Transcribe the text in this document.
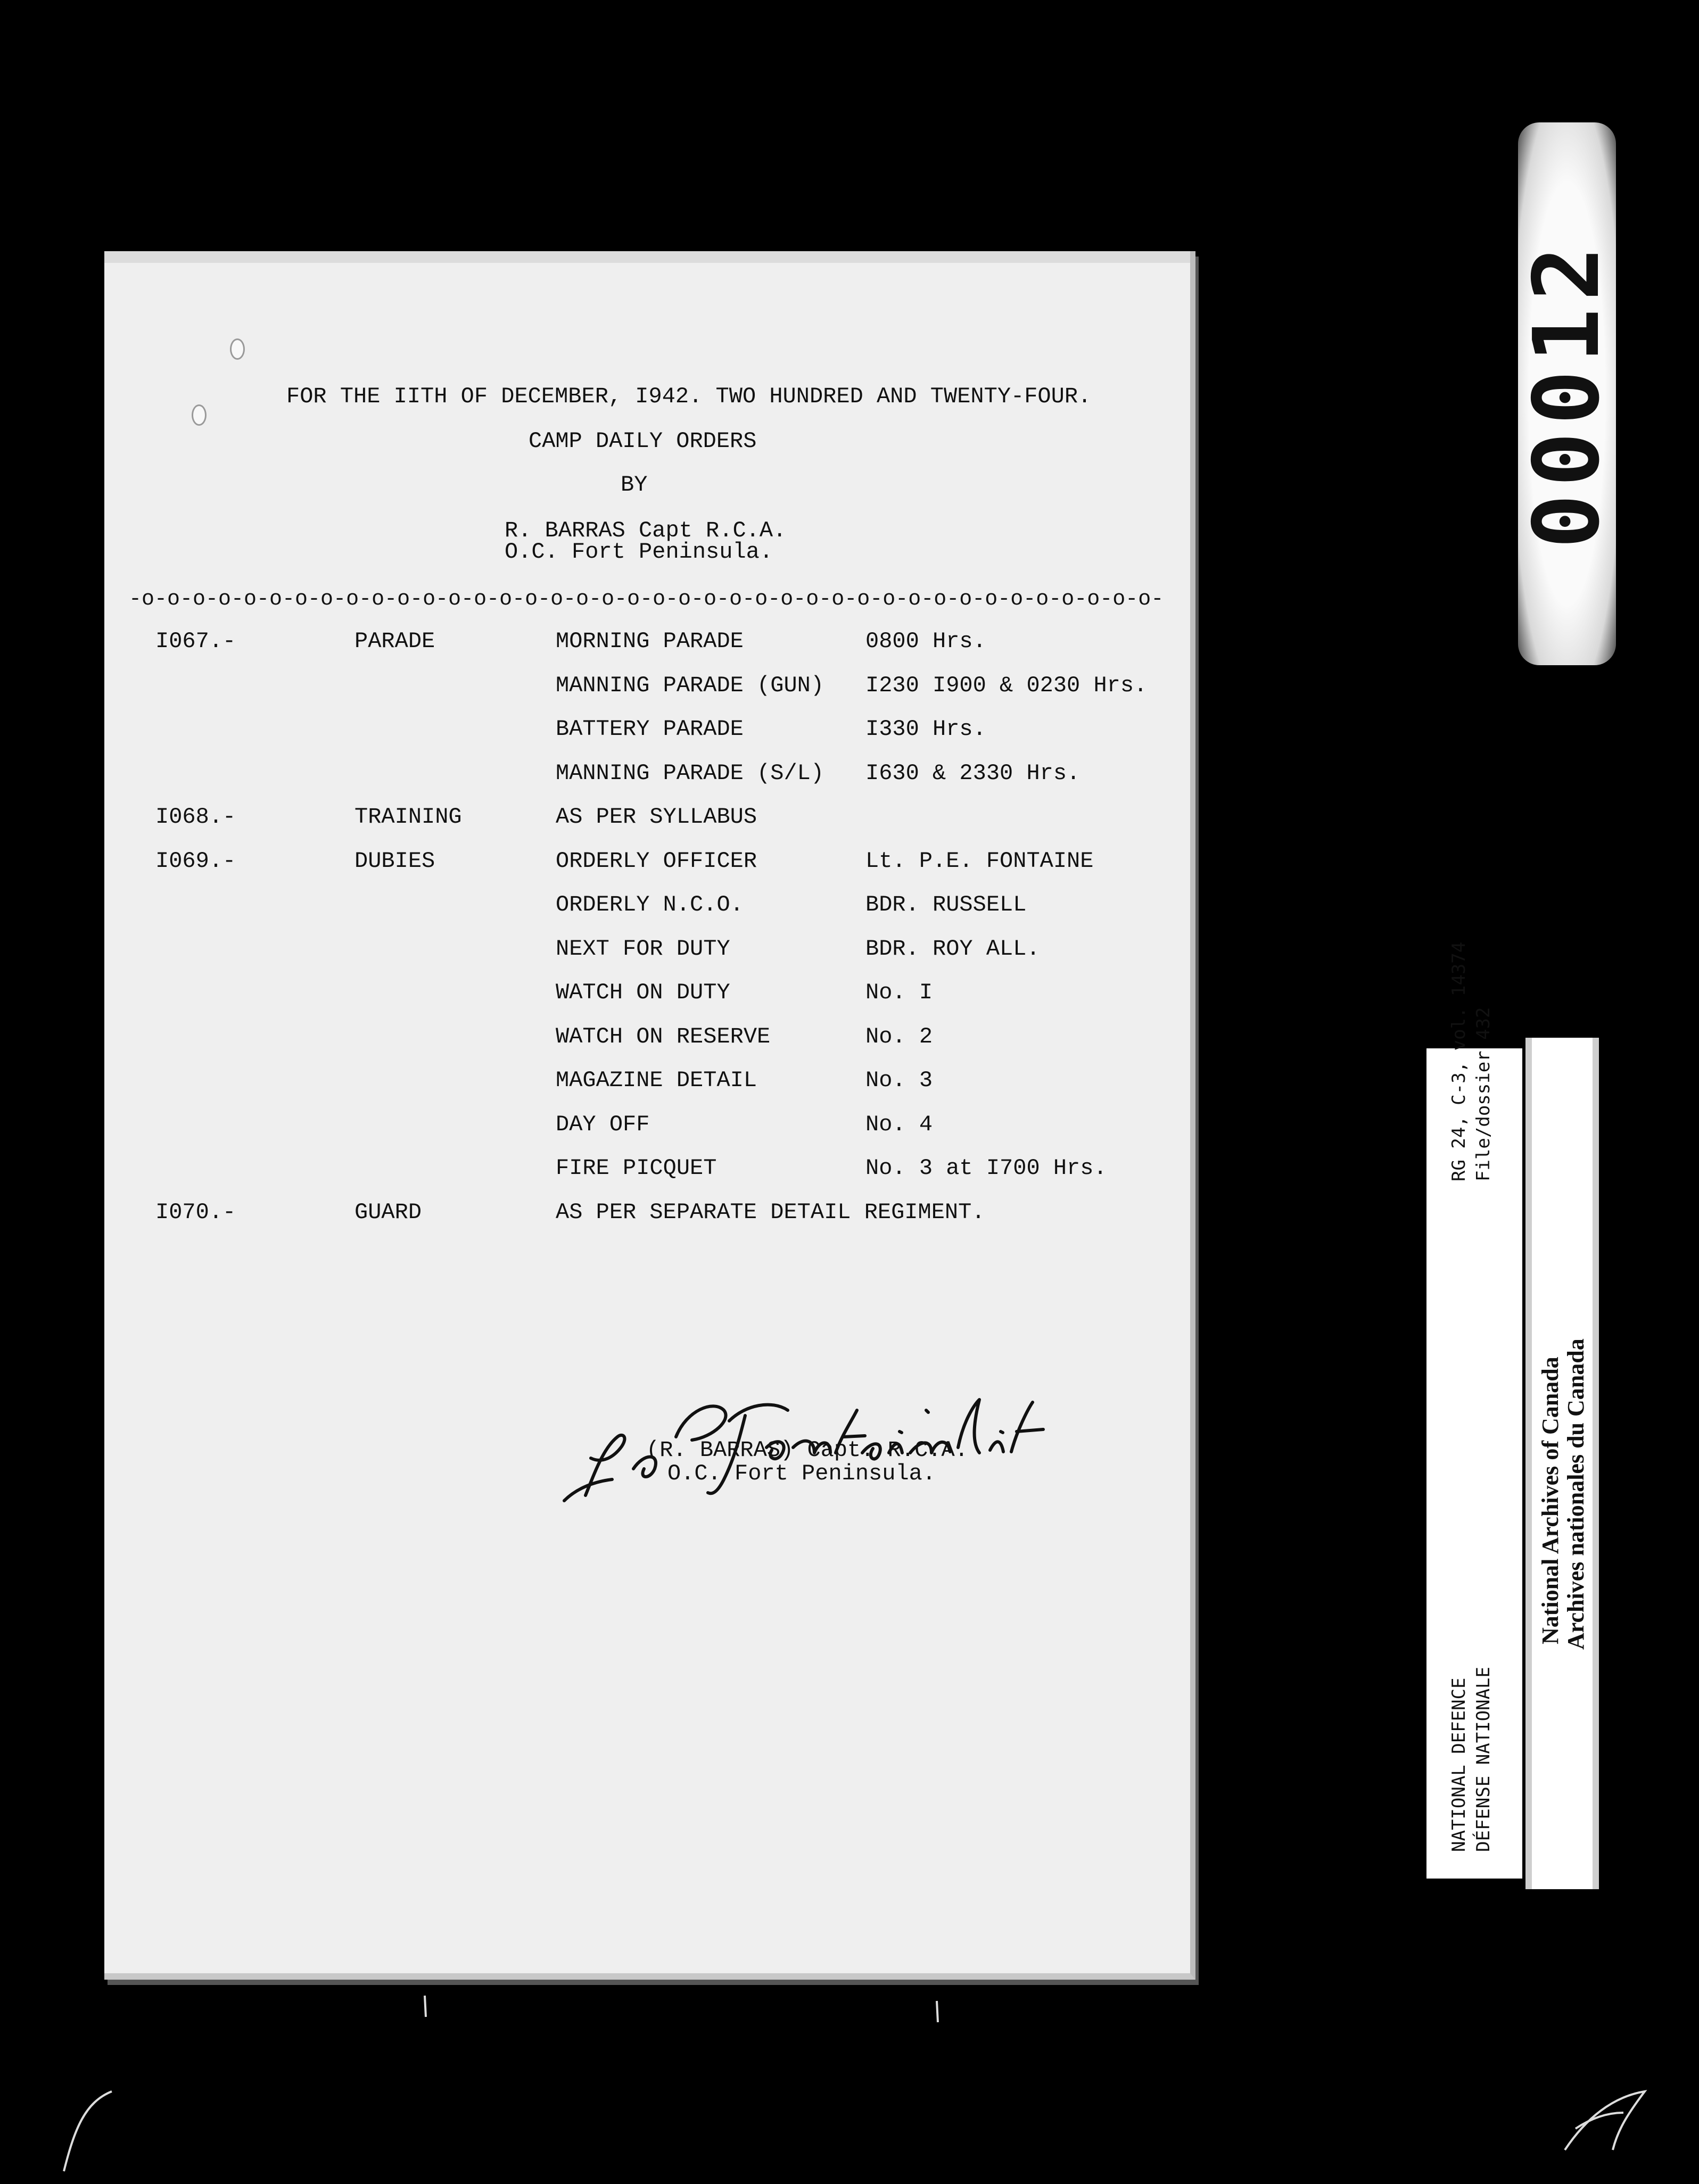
FOR THE IITH OF DECEMBER, I942. TWO HUNDRED AND TWENTY-FOUR.
CAMP DAILY ORDERS
BY
R. BARRAS Capt R.C.A.
O.C. Fort Peninsula.
-o-o-o-o-o-o-o-o-o-o-o-o-o-o-o-o-o-o-o-o-o-o-o-o-o-o-o-o-o-o-o-o-o-o-o-o-o-o-o-o-
I067.-	PARADE	MORNING PARADE	0800 Hrs.
MANNING PARADE (GUN) I230 I900 & 0230 Hrs.
BATTERY PARADE	I330 Hrs.
MANNING PARADE (S/L) I630 & 2330 Hrs.
I068.-	TRAINING	AS PER SYLLABUS
I069.-	DUBIES	ORDERLY OFFICER	Lt. P.E. FONTAINE
ORDERLY N.C.O.	BDR. RUSSELL
NEXT FOR DUTY	BDR. ROY ALL.
WATCH ON DUTY	No. I
WATCH ON RESERVE	No. 2
MAGAZINE DETAIL	No. 3
DAY OFF	No. 4
FIRE PICQUET	No. 3 at I700 Hrs.
I070.-	GUARD	AS PER SEPARATE DETAIL REGIMENT.
(R. BARRAS) Capt. R.C.A.
O.C. Fort Peninsula.
00012
RG 24, C-3, vol. 14374 File/dossier 432
NATIONAL DEFENCE DÉFENSE NATIONALE
National Archives of Canada Archives nationales du Canada
